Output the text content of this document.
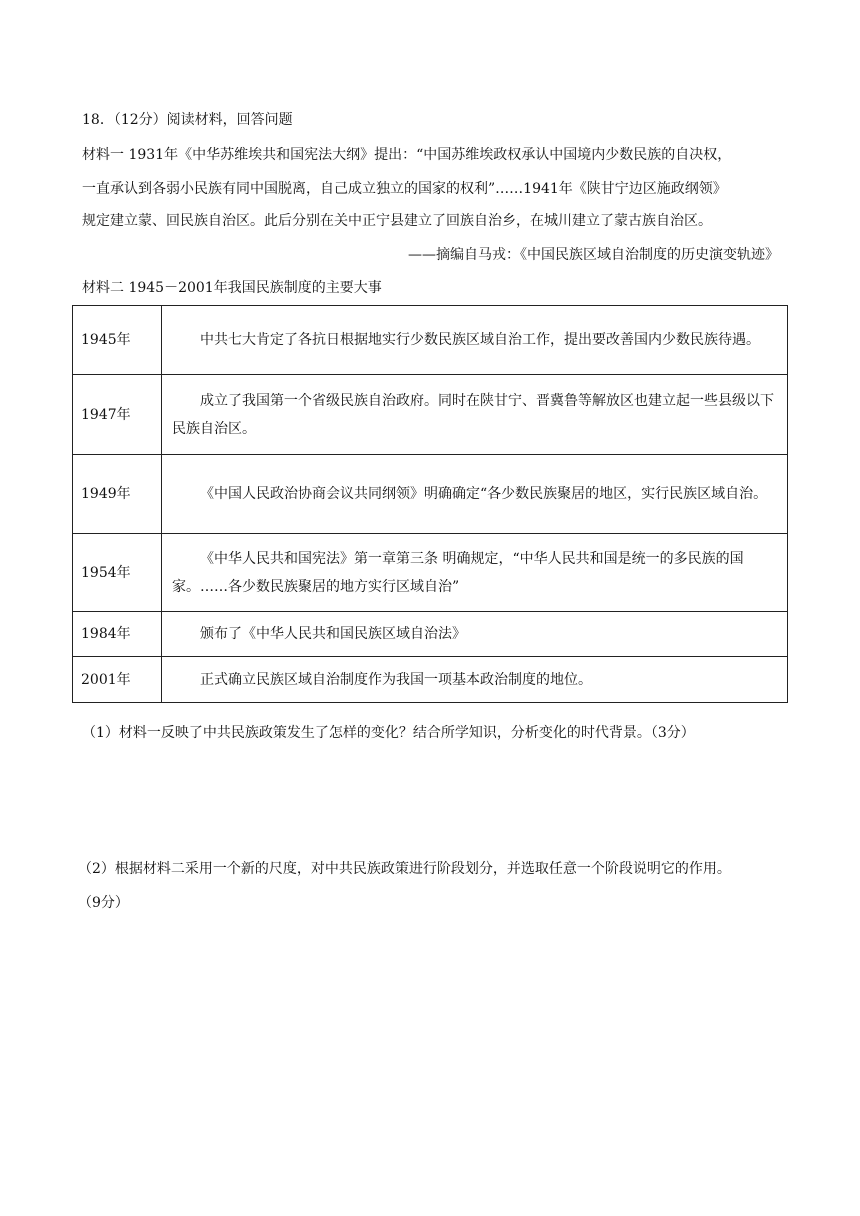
18．（12分）阅读材料，回答问题
材料一 1931年《中华苏维埃共和国宪法大纲》提出：“中国苏维埃政权承认中国境内少数民族的自决权，
一直承认到各弱小民族有同中国脱离，自己成立独立的国家的权利”……1941年《陕甘宁边区施政纲领》
规定建立蒙、回民族自治区。此后分别在关中正宁县建立了回族自治乡，在城川建立了蒙古族自治区。
——摘编自马戎：《中国民族区域自治制度的历史演变轨迹》
材料二 1945－2001年我国民族制度的主要大事
1945年	中共七大肯定了各抗日根据地实行少数民族区域自治工作，提出要改善国内少数民族待遇。
1947年	成立了我国第一个省级民族自治政府。同时在陕甘宁、晋冀鲁等解放区也建立起一些县级以下民族自治区。
1949年	《中国人民政治协商会议共同纲领》明确确定“各少数民族聚居的地区，实行民族区域自治。
1954年	《中华人民共和国宪法》第一章第三条 明确规定，“中华人民共和国是统一的多民族的国家。……各少数民族聚居的地方实行区域自治”
1984年	颁布了《中华人民共和国民族区域自治法》
2001年	正式确立民族区域自治制度作为我国一项基本政治制度的地位。
（1）材料一反映了中共民族政策发生了怎样的变化？结合所学知识，分析变化的时代背景。（3分）
（2）根据材料二采用一个新的尺度，对中共民族政策进行阶段划分，并选取任意一个阶段说明它的作用。
（9分）
